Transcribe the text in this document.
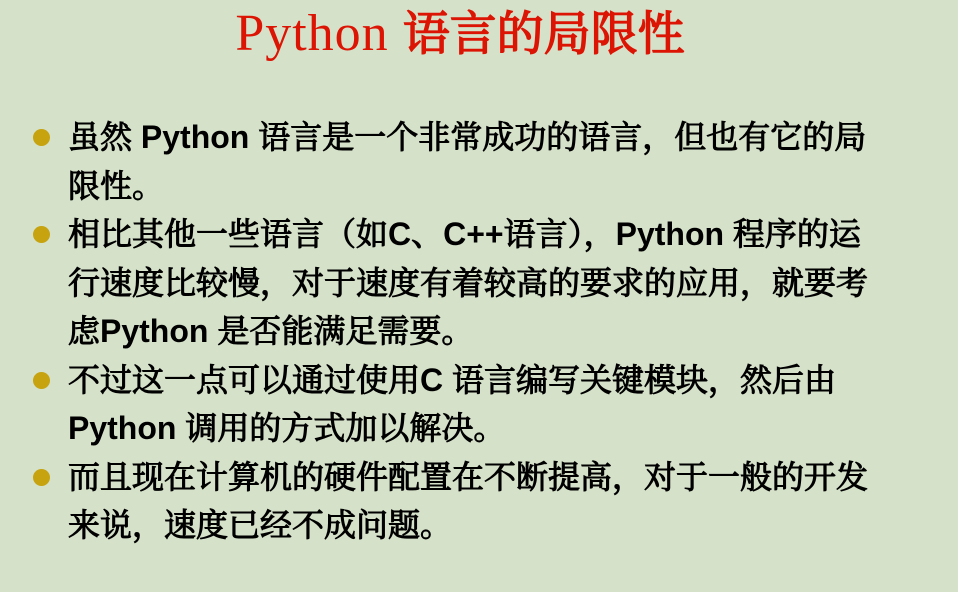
Python 语言的局限性
虽然 Python 语言是一个非常成功的语言，但也有它的局
限性。
相比其他一些语言（如C、C++语言），Python 程序的运
行速度比较慢，对于速度有着较高的要求的应用，就要考
虑Python 是否能满足需要。
不过这一点可以通过使用C 语言编写关键模块，然后由
Python 调用的方式加以解决。
而且现在计算机的硬件配置在不断提高，对于一般的开发
来说，速度已经不成问题。
